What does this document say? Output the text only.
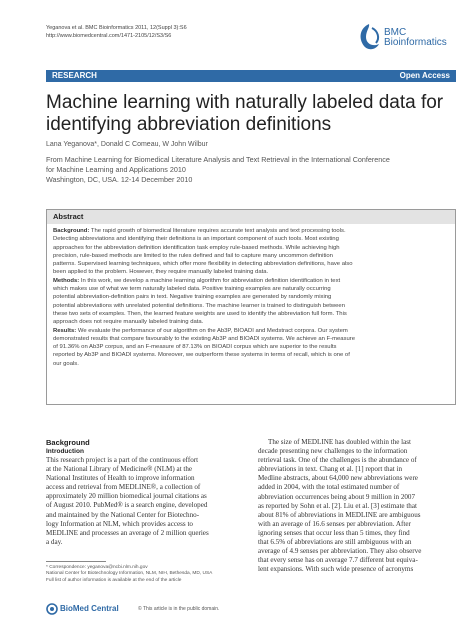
Yeganova et al. BMC Bioinformatics 2011, 12(Suppl 3):S6
http://www.biomedcentral.com/1471-2105/12/S3/S6	BMC
Bioinformatics
RESEARCH	Open Access
Machine learning with naturally labeled data for
identifying abbreviation definitions
Lana Yeganova*, Donald C Comeau, W John Wilbur
From Machine Learning for Biomedical Literature Analysis and Text Retrieval in the International Conference
for Machine Learning and Applications 2010
Washington, DC, USA. 12-14 December 2010
Abstract
Background: The rapid growth of biomedical literature requires accurate text analysis and text processing tools.
Detecting abbreviations and identifying their definitions is an important component of such tools. Most existing
approaches for the abbreviation definition identification task employ rule-based methods. While achieving high
precision, rule-based methods are limited to the rules defined and fail to capture many uncommon definition
patterns. Supervised learning techniques, which offer more flexibility in detecting abbreviation definitions, have also
been applied to the problem. However, they require manually labeled training data.
Methods: In this work, we develop a machine learning algorithm for abbreviation definition identification in text
which makes use of what we term naturally labeled data. Positive training examples are naturally occurring
potential abbreviation-definition pairs in text. Negative training examples are generated by randomly mixing
potential abbreviations with unrelated potential definitions. The machine learner is trained to distinguish between
these two sets of examples. Then, the learned feature weights are used to identify the abbreviation full form. This
approach does not require manually labeled training data.
Results: We evaluate the performance of our algorithm on the Ab3P, BIOADI and Medstract corpora. Our system
demonstrated results that compare favourably to the existing Ab3P and BIOADI systems. We achieve an F-measure
of 91.36% on Ab3P corpus, and an F-measure of 87.13% on BIOADI corpus which are superior to the results
reported by Ab3P and BIOADI systems. Moreover, we outperform these systems in terms of recall, which is one of
our goals.
Background
Introduction
This research project is a part of the continuous effort
at the National Library of Medicine® (NLM) at the
National Institutes of Health to improve information
access and retrieval from MEDLINE®, a collection of
approximately 20 million biomedical journal citations as
of August 2010. PubMed® is a search engine, developed
and maintained by the National Center for Biotechno-
logy Information at NLM, which provides access to
MEDLINE and processes an average of 2 million queries
a day.
The size of MEDLINE has doubled within the last
decade presenting new challenges to the information
retrieval task. One of the challenges is the abundance of
abbreviations in text. Chang et al. [1] report that in
Medline abstracts, about 64,000 new abbreviations were
added in 2004, with the total estimated number of
abbreviation occurrences being about 9 million in 2007
as reported by Sohn et al. [2]. Liu et al. [3] estimate that
about 81% of abbreviations in MEDLINE are ambiguous
with an average of 16.6 senses per abbreviation. After
ignoring senses that occur less than 5 times, they find
that 6.5% of abbreviations are still ambiguous with an
average of 4.9 senses per abbreviation. They also observe
that every sense has on average 7.7 different but equiva-
lent expansions. With such wide presence of acronyms
* Correspondence: yeganova@ncbi.nlm.nih.gov
National Center for Biotechnology Information, NLM, NIH, Bethesda, MD, USA
Full list of author information is available at the end of the article
BioMed Central	© This article is in the public domain.
